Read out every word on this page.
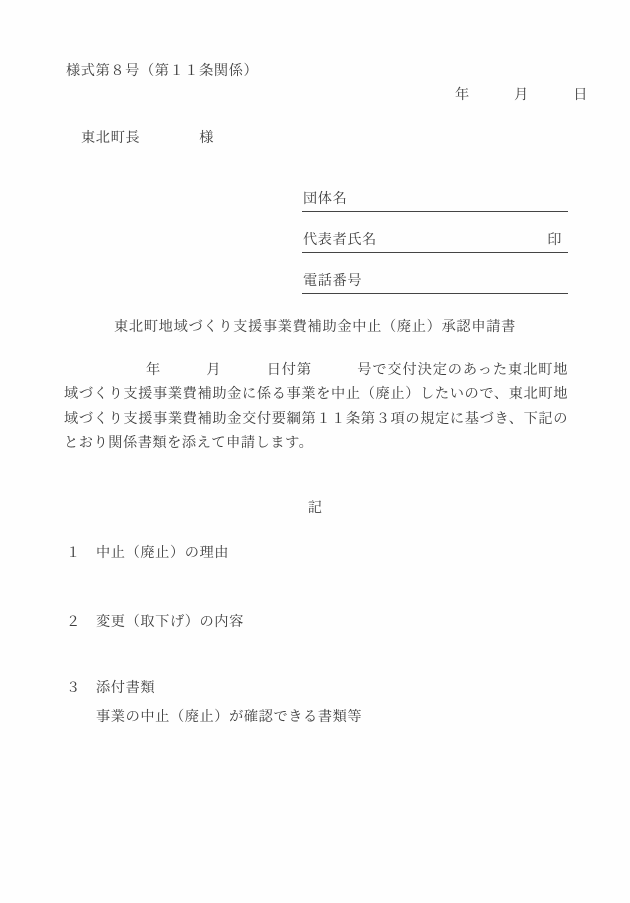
様式第８号（第１１条関係）
年　　　月　　　日
東北町長　　　　様
団体名
代表者氏名	印
電話番号
東北町地域づくり支援事業費補助金中止（廃止）承認申請書
年　　　月　　　日付第　　　号で交付決定のあった東北町地域づくり支援事業費補助金に係る事業を中止（廃止）したいので、東北町地域づくり支援事業費補助金交付要綱第１１条第３項の規定に基づき、下記のとおり関係書類を添えて申請します。
記
１ 中止（廃止）の理由
２ 変更（取下げ）の内容
３ 添付書類
事業の中止（廃止）が確認できる書類等
